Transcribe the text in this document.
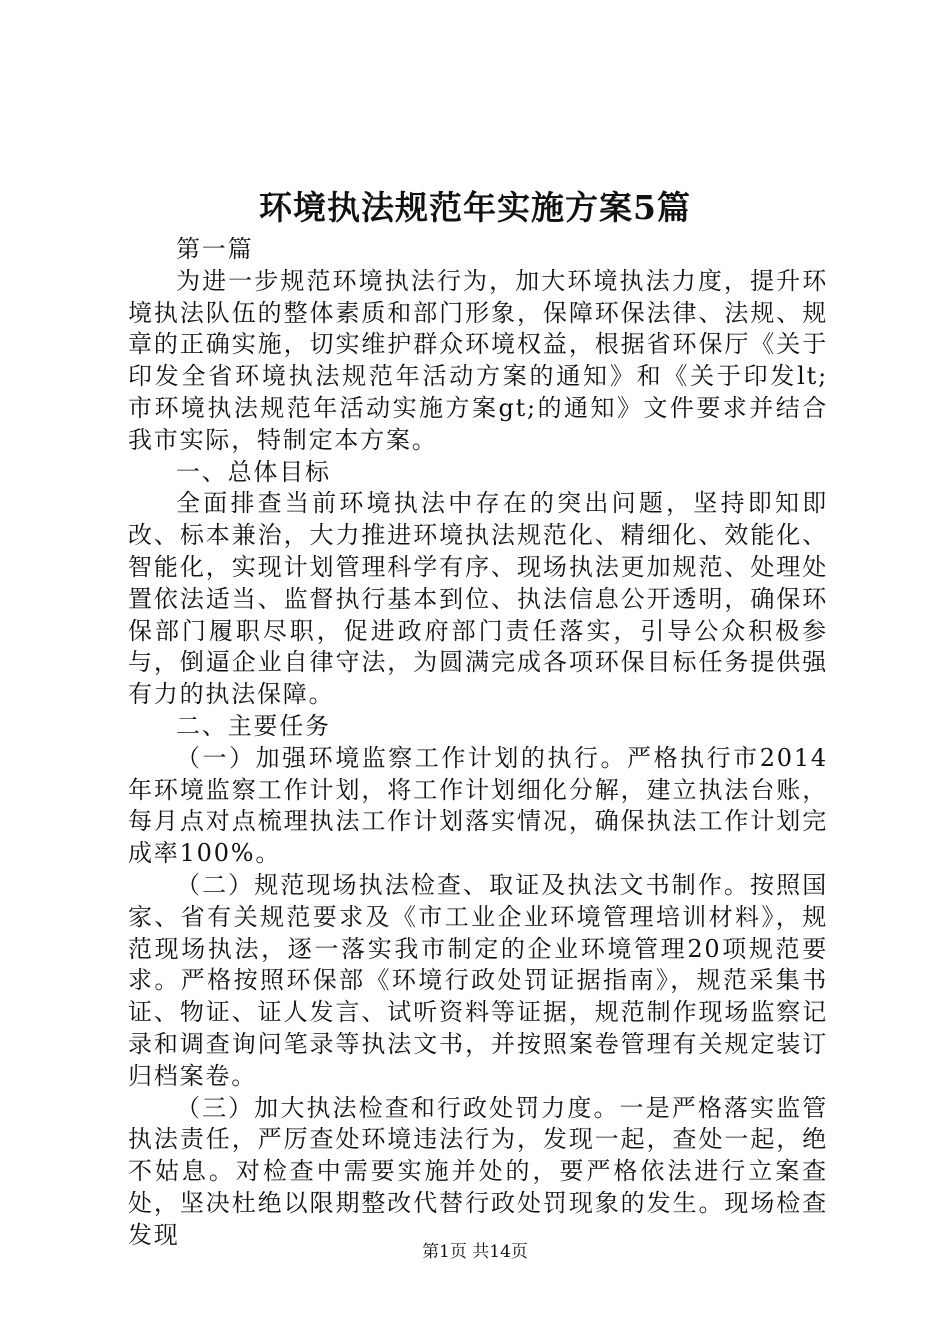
环境执法规范年实施方案5篇

第一篇

为进一步规范环境执法行为，加大环境执法力度，提升环境执法队伍的整体素质和部门形象，保障环保法律、法规、规章的正确实施，切实维护群众环境权益，根据省环保厅《关于印发全省环境执法规范年活动方案的通知》和《关于印发lt;市环境执法规范年活动实施方案gt;的通知》文件要求并结合我市实际，特制定本方案。

一、总体目标

全面排查当前环境执法中存在的突出问题，坚持即知即改、标本兼治，大力推进环境执法规范化、精细化、效能化、智能化，实现计划管理科学有序、现场执法更加规范、处理处置依法适当、监督执行基本到位、执法信息公开透明，确保环保部门履职尽职，促进政府部门责任落实，引导公众积极参与，倒逼企业自律守法，为圆满完成各项环保目标任务提供强有力的执法保障。

二、主要任务

（一）加强环境监察工作计划的执行。严格执行市2014年环境监察工作计划，将工作计划细化分解，建立执法台账，每月点对点梳理执法工作计划落实情况，确保执法工作计划完成率100%。

（二）规范现场执法检查、取证及执法文书制作。按照国家、省有关规范要求及《市工业企业环境管理培训材料》，规范现场执法，逐一落实我市制定的企业环境管理20项规范要求。严格按照环保部《环境行政处罚证据指南》，规范采集书证、物证、证人发言、试听资料等证据，规范制作现场监察记录和调查询问笔录等执法文书，并按照案卷管理有关规定装订归档案卷。

（三）加大执法检查和行政处罚力度。一是严格落实监管执法责任，严厉查处环境违法行为，发现一起，查处一起，绝不姑息。对检查中需要实施并处的，要严格依法进行立案查处，坚决杜绝以限期整改代替行政处罚现象的发生。现场检查发现

第1页 共14页
